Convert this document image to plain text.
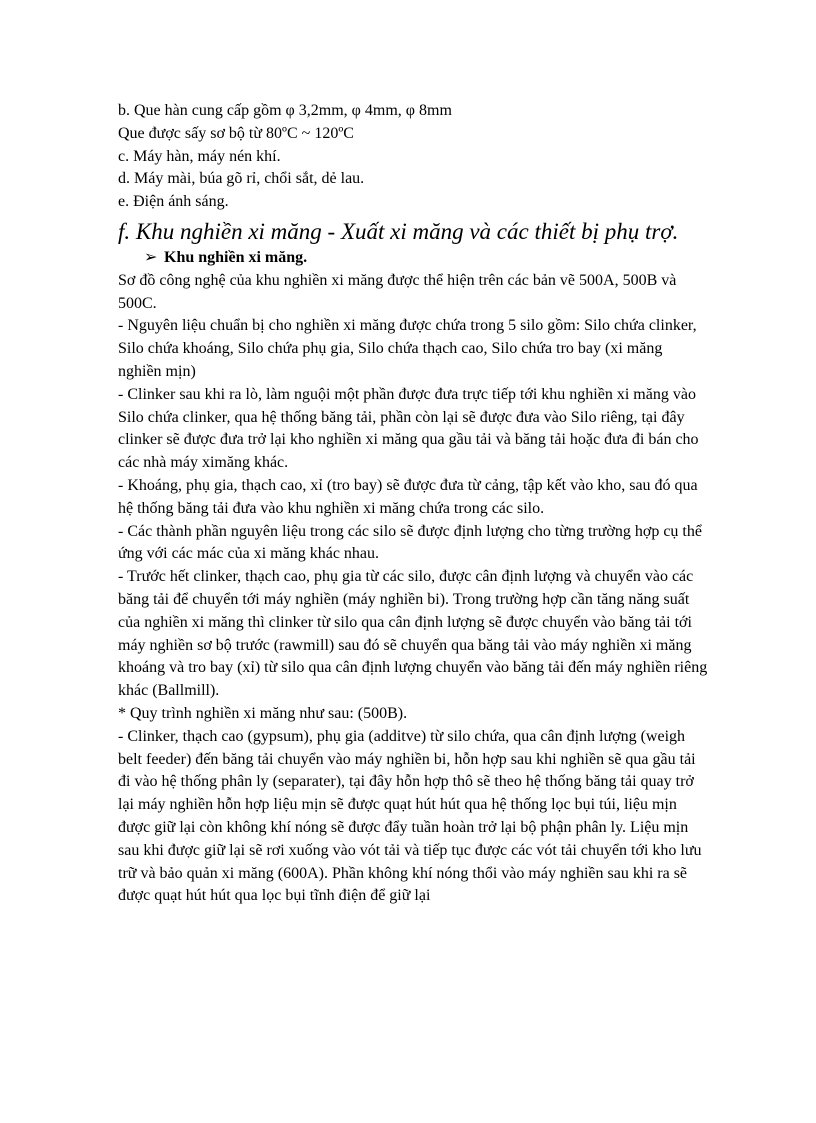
b. Que hàn cung cấp gồm φ 3,2mm, φ 4mm, φ 8mm

Que được sấy sơ bộ từ 80ºC ~ 120ºC

c. Máy hàn, máy nén khí.

d. Máy mài, búa gõ rỉ, chổi sắt, dẻ lau.

e. Điện ánh sáng.

f. Khu nghiền xi măng - Xuất xi măng và các thiết bị phụ trợ.

➢ Khu nghiền xi măng.

Sơ đồ công nghệ của khu nghiền xi măng được thể hiện trên các bản vẽ 500A, 500B và 500C.

- Nguyên liệu chuẩn bị cho nghiền xi măng được chứa trong 5 silo gồm: Silo chứa clinker, Silo chứa khoáng, Silo chứa phụ gia, Silo chứa thạch cao, Silo chứa tro bay (xi măng nghiền mịn)

- Clinker sau khi ra lò, làm nguội một phần được đưa trực tiếp tới khu nghiền xi măng vào Silo chứa clinker, qua hệ thống băng tải, phần còn lại sẽ được đưa vào Silo riêng, tại đây clinker sẽ được đưa trở lại kho nghiền xi măng qua gầu tải và băng tải hoặc đưa đi bán cho các nhà máy ximăng khác.

- Khoáng, phụ gia, thạch cao, xỉ (tro bay) sẽ được đưa từ cảng, tập kết vào kho, sau đó qua hệ thống băng tải đưa vào khu nghiền xi măng chứa trong các silo.

- Các thành phần nguyên liệu trong các silo sẽ được định lượng cho từng trường hợp cụ thể ứng với các mác của xi măng khác nhau.

- Trước hết clinker, thạch cao, phụ gia từ các silo, được cân định lượng và chuyển vào các băng tải để chuyển tới máy nghiền (máy nghiền bi). Trong trường hợp cần tăng năng suất của nghiền xi măng thì clinker từ silo qua cân định lượng sẽ được chuyển vào băng tải tới máy nghiền sơ bộ trước (rawmill) sau đó sẽ chuyển qua băng tải vào máy nghiền xi măng khoáng và tro bay (xỉ) từ silo qua cân định lượng chuyển vào băng tải đến máy nghiền riêng khác (Ballmill).

* Quy trình nghiền xi măng như sau: (500B).

- Clinker, thạch cao (gypsum), phụ gia (additve) từ silo chứa, qua cân định lượng (weigh belt feeder) đến băng tải chuyển vào máy nghiền bi, hỗn hợp sau khi nghiền sẽ qua gầu tải đi vào hệ thống phân ly (separater), tại đây hỗn hợp thô sẽ theo hệ thống băng tải quay trở lại máy nghiền hỗn hợp liệu mịn sẽ được quạt hút hút qua hệ thống lọc bụi túi, liệu mịn được giữ lại còn không khí nóng sẽ được đẩy tuần hoàn trở lại bộ phận phân ly. Liệu mịn sau khi được giữ lại sẽ rơi xuống vào vót tải và tiếp tục được các vót tải chuyển tới kho lưu trữ và bảo quản xi măng (600A). Phần không khí nóng thổi vào máy nghiền sau khi ra sẽ được quạt hút hút qua lọc bụi tĩnh điện để giữ lại
